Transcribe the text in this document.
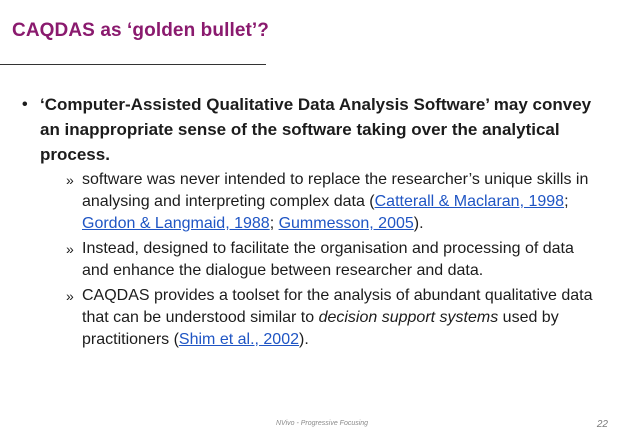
CAQDAS as ‘golden bullet’?
• ‘Computer-Assisted Qualitative Data Analysis Software’ may convey an inappropriate sense of the software taking over the analytical process.
» software was never intended to replace the researcher’s unique skills in analysing and interpreting complex data (Catterall & Maclaran, 1998; Gordon & Langmaid, 1988; Gummesson, 2005).
» Instead, designed to facilitate the organisation and processing of data and enhance the dialogue between researcher and data.
» CAQDAS provides a toolset for the analysis of abundant qualitative data that can be understood similar to decision support systems used by practitioners (Shim et al., 2002).
NVivo - Progressive Focusing	22
